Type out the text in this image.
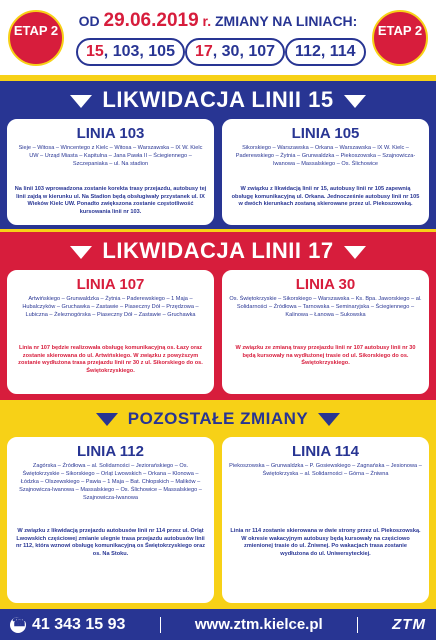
ETAP 2
OD 29.06.2019 r. ZMIANY NA LINIACH:
15, 103, 105	17, 30, 107	112, 114
ETAP 2
LIKWIDACJA LINII 15
LINIA 103
Sieje – Witosa – Wincentego z Kielc – Witosa – Warszawska – IX W. Kielc UW – Urząd Miasta – Kapitulna – Jana Pawła II – Ściegiennego – Szczepaniaka – ul. Na stadion
Na linii 103 wprowadzona zostanie korekta trasy przejazdu, autobusy tej linii zajdą w kierunku ul. Na Stadion będą obsługiwały przystanek ul. IX Wieków Kielc UW. Ponadto zwiększona zostanie częstotliwość kursowania linii nr 103.
LINIA 105
Sikorskiego – Warszawska – Orkana – Warszawska – IX W. Kielc – Paderewskiego – Żytnia – Grunwaldzka – Piekoszowska – Szajnowicza-Iwanowa – Massalskiego – Os. Ślichowice
W związku z likwidacją linii nr 15, autobusy linii nr 105 zapewnią obsługę komunikacyjną ul. Orkana. Jednocześnie autobusy linii nr 105 w dwóch kierunkach zostaną skierowane przez ul. Piekoszowską.
LIKWIDACJA LINII 17
LINIA 107
Artwińskiego – Grunwaldzka – Żytnia – Paderewskiego – 1 Maja – Hubalczyków – Gruchawka – Zastawie – Piaseczny Dół – Przędzowa – Lubiczna – Żeleznogórska – Piaseczny Dół – Zastawie – Gruchawka
Linia nr 107 będzie realizowała obsługę komunikacyjną os. Łazy oraz zostanie skierowana do ul. Artwińskiego. W związku z powyższym zostanie wydłużona trasa przejazdu linii nr 30 z ul. Sikorskiego do os. Świętokrzyskiego.
LINIA 30
Os. Świętokrzyskie – Sikorskiego – Warszawska – Ks. Bpa. Jaworskiego – al. Solidarności – Źródłowa – Tarnowska – Seminaryjska – Ściegiennego – Kalinowa – Łanowa – Sukowska
W związku ze zmianą trasy przejazdu linii nr 107 autobusy linii nr 30 będą kursowały na wydłużonej trasie od ul. Sikorskiego do os. Świętokrzyskiego.
POZOSTAŁE ZMIANY
LINIA 112
Zagórska – Źródłowa – al. Solidarności – Jeziorańskiego – Os. Świętokrzyskie – Sikorskiego – Orląt Lwowskich – Orkana – Klonowa – Łódzka – Olszewskiego – Pawia – 1 Maja – Bat. Chłopskich – Malików – Szajnowicza-Iwanowa – Massalskiego – Os. Ślichowice – Massalskiego – Szajnowicza-Iwanowa
W związku z likwidacją przejazdu autobusów linii nr 114 przez ul. Orląt Lwowskich częściowej zmianie ulegnie trasa przejazdu autobusów linii nr 112, która wznowi obsługę komunikacyjną os Świętokrzyskiego oraz os. Na Stoku.
LINIA 114
Piekoszowska – Grunwaldzka – P. Gosiewskiego – Zagnańska – Jesionowa – Świętokrzyska – al. Solidarności – Górna – Żniwna
Linia nr 114 zostanie skierowana w dwie strony przez ul. Piekoszowską. W okresie wakacyjnym autobusy będą kursowały na częściowo zmienionej trasie do ul. Żniwnej. Po wakacjach trasa zostanie wydłużona do ul. Uniwersyteckiej.
☎
41 343 15 93	www.ztm.kielce.pl	ZTM
